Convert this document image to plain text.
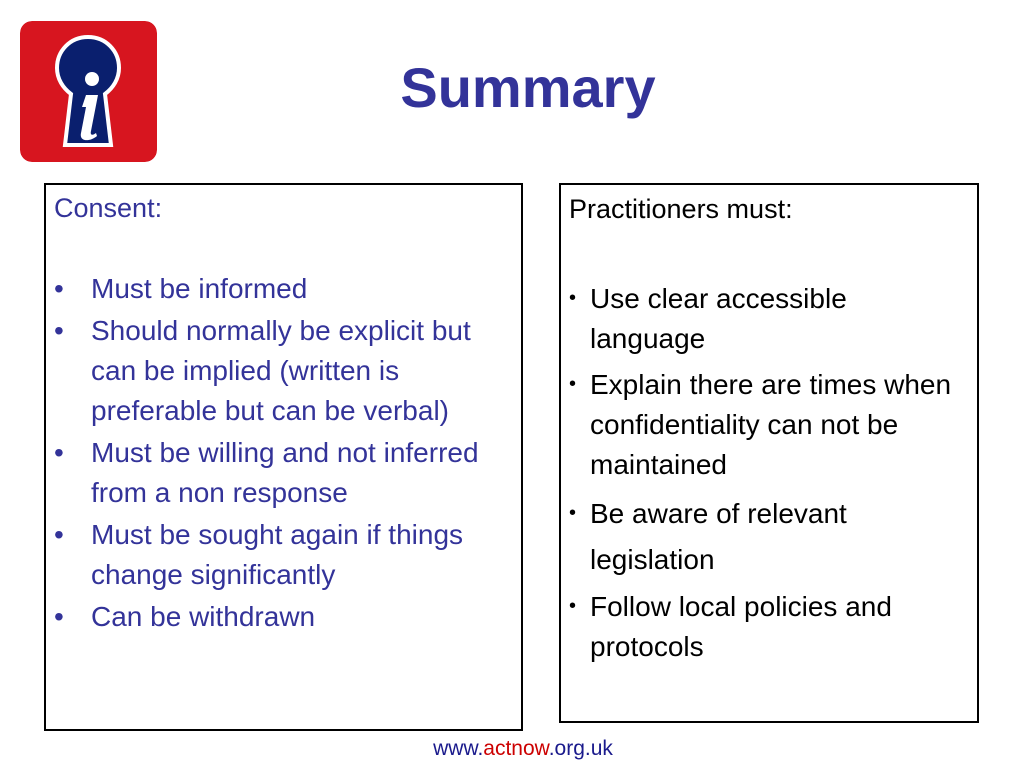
Summary
Consent:
• Must be informed
• Should normally be explicit but can be implied (written is preferable but can be verbal)
• Must be willing and not inferred from a non response
• Must be sought again if things change significantly
• Can be withdrawn
Practitioners must:
• Use clear accessible language
• Explain there are times when confidentiality can not be maintained
• Be aware of relevant legislation
• Follow local policies and protocols
www.actnow.org.uk
